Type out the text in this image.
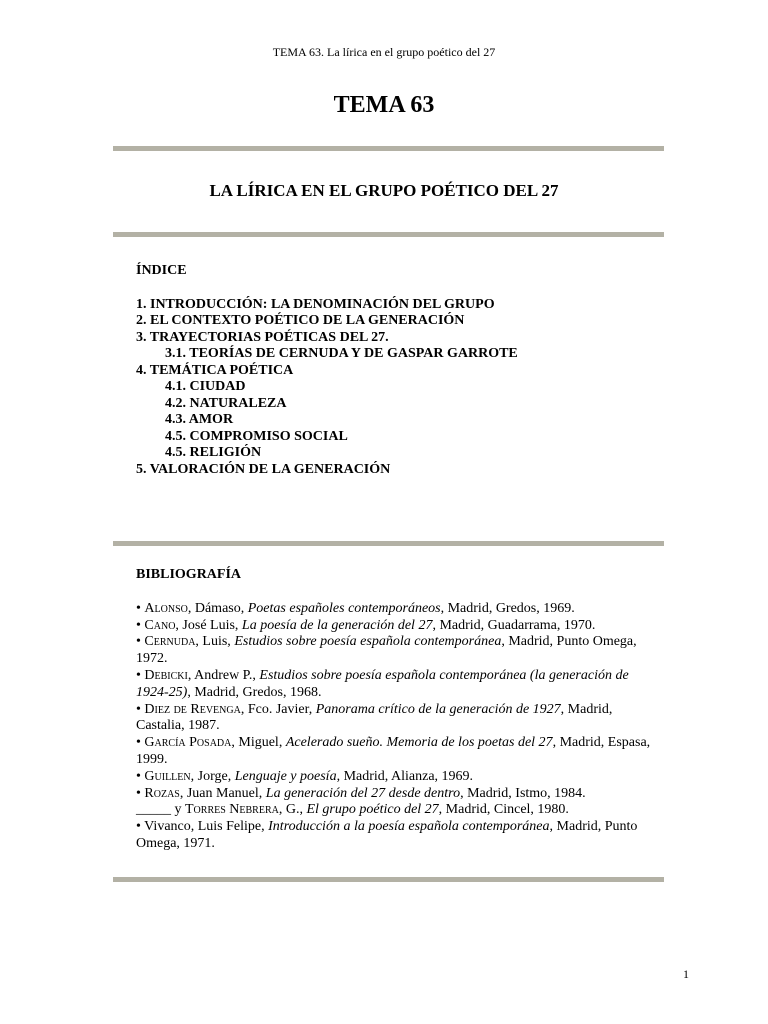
TEMA 63. La lírica en el grupo poético del 27
TEMA 63
LA LÍRICA EN EL GRUPO POÉTICO DEL 27
ÍNDICE
1. INTRODUCCIÓN: LA DENOMINACIÓN DEL GRUPO
2. EL CONTEXTO POÉTICO DE LA GENERACIÓN
3. TRAYECTORIAS POÉTICAS DEL 27.
3.1. TEORÍAS DE CERNUDA Y DE GASPAR GARROTE
4. TEMÁTICA POÉTICA
4.1. CIUDAD
4.2. NATURALEZA
4.3. AMOR
4.5. COMPROMISO SOCIAL
4.5. RELIGIÓN
5. VALORACIÓN DE LA GENERACIÓN
BIBLIOGRAFÍA
• Alonso, Dámaso, Poetas españoles contemporáneos, Madrid, Gredos, 1969.
• Cano, José Luis, La poesía de la generación del 27, Madrid, Guadarrama, 1970.
• Cernuda, Luis, Estudios sobre poesía española contemporánea, Madrid, Punto Omega, 1972.
• Debicki, Andrew P., Estudios sobre poesía española contemporánea (la generación de 1924-25), Madrid, Gredos, 1968.
• Diez de Revenga, Fco. Javier, Panorama crítico de la generación de 1927, Madrid, Castalia, 1987.
• García Posada, Miguel, Acelerado sueño. Memoria de los poetas del 27, Madrid, Espasa, 1999.
• Guillen, Jorge, Lenguaje y poesía, Madrid, Alianza, 1969.
• Rozas, Juan Manuel, La generación del 27 desde dentro, Madrid, Istmo, 1984.
_____ y Torres Nebrera, G., El grupo poético del 27, Madrid, Cincel, 1980.
• Vivanco, Luis Felipe, Introducción a la poesía española contemporánea, Madrid, Punto Omega, 1971.
1
